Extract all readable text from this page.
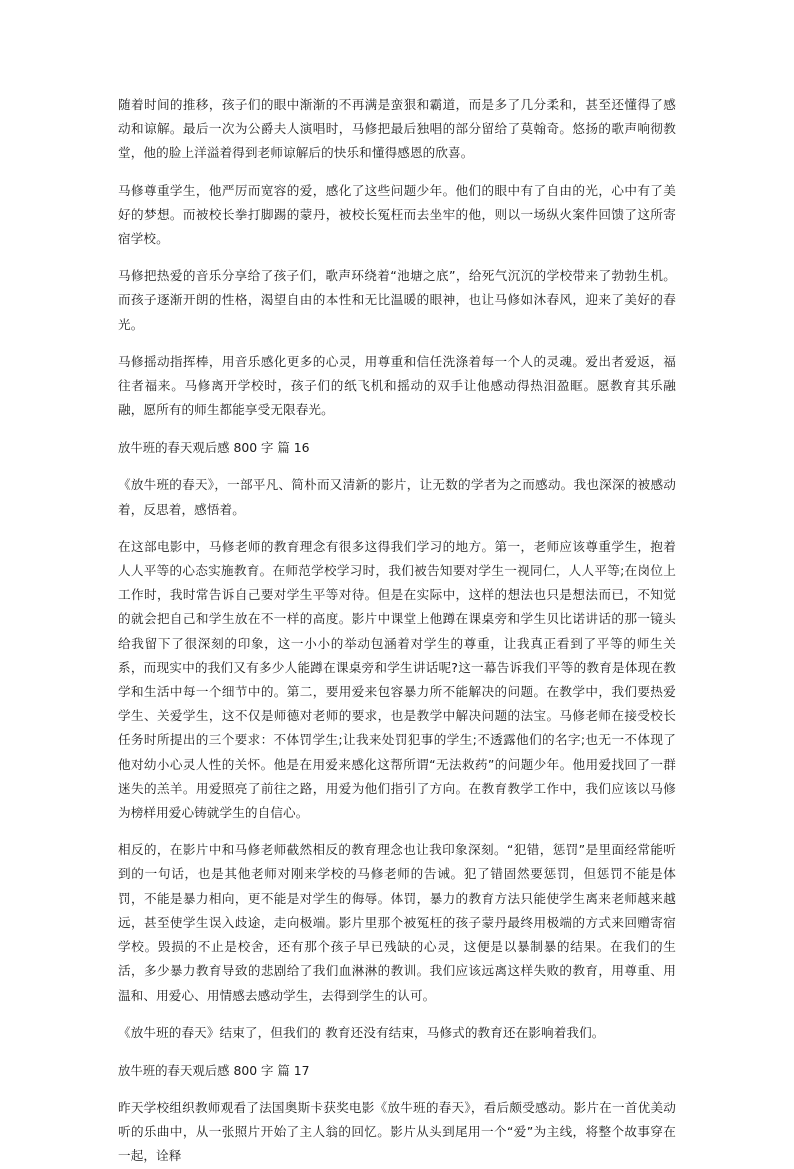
随着时间的推移，孩子们的眼中渐渐的不再满是蛮狠和霸道，而是多了几分柔和，甚至还懂得了感动和谅解。最后一次为公爵夫人演唱时，马修把最后独唱的部分留给了莫翰奇。悠扬的歌声响彻教堂，他的脸上洋溢着得到老师谅解后的快乐和懂得感恩的欣喜。

马修尊重学生，他严厉而宽容的爱，感化了这些问题少年。他们的眼中有了自由的光，心中有了美好的梦想。而被校长拳打脚踢的蒙丹，被校长冤枉而去坐牢的他，则以一场纵火案件回馈了这所寄宿学校。

马修把热爱的音乐分享给了孩子们，歌声环绕着“池塘之底”，给死气沉沉的学校带来了勃勃生机。而孩子逐渐开朗的性格，渴望自由的本性和无比温暖的眼神，也让马修如沐春风，迎来了美好的春光。

马修摇动指挥棒，用音乐感化更多的心灵，用尊重和信任洗涤着每一个人的灵魂。爱出者爱返，福往者福来。马修离开学校时，孩子们的纸飞机和摇动的双手让他感动得热泪盈眶。愿教育其乐融融，愿所有的师生都能享受无限春光。

放牛班的春天观后感 800 字 篇 16

《放牛班的春天》，一部平凡、简朴而又清新的影片，让无数的学者为之而感动。我也深深的被感动着，反思着，感悟着。

在这部电影中，马修老师的教育理念有很多这得我们学习的地方。第一，老师应该尊重学生，抱着人人平等的心态实施教育。在师范学校学习时，我们被告知要对学生一视同仁，人人平等;在岗位上工作时，我时常告诉自己要对学生平等对待。但是在实际中，这样的想法也只是想法而已，不知觉的就会把自己和学生放在不一样的高度。影片中课堂上他蹲在课桌旁和学生贝比诺讲话的那一镜头给我留下了很深刻的印象，这一小小的举动包涵着对学生的尊重，让我真正看到了平等的师生关系，而现实中的我们又有多少人能蹲在课桌旁和学生讲话呢?这一幕告诉我们平等的教育是体现在教学和生活中每一个细节中的。第二，要用爱来包容暴力所不能解决的问题。在教学中，我们要热爱学生、关爱学生，这不仅是师德对老师的要求，也是教学中解决问题的法宝。马修老师在接受校长任务时所提出的三个要求：不体罚学生;让我来处罚犯事的学生;不透露他们的名字;也无一不体现了他对幼小心灵人性的关怀。他是在用爱来感化这帮所谓“无法救药”的问题少年。他用爱找回了一群迷失的羔羊。用爱照亮了前往之路，用爱为他们指引了方向。在教育教学工作中，我们应该以马修为榜样用爱心铸就学生的自信心。

相反的，在影片中和马修老师截然相反的教育理念也让我印象深刻。“犯错，惩罚”是里面经常能听到的一句话，也是其他老师对刚来学校的马修老师的告诫。犯了错固然要惩罚，但惩罚不能是体罚，不能是暴力相向，更不能是对学生的侮辱。体罚，暴力的教育方法只能使学生离来老师越来越远，甚至使学生误入歧途，走向极端。影片里那个被冤枉的孩子蒙丹最终用极端的方式来回赠寄宿学校。毁损的不止是校舍，还有那个孩子早已残缺的心灵，这便是以暴制暴的结果。在我们的生活，多少暴力教育导致的悲剧给了我们血淋淋的教训。我们应该远离这样失败的教育，用尊重、用温和、用爱心、用情感去感动学生，去得到学生的认可。

《放牛班的春天》结束了，但我们的 教育还没有结束，马修式的教育还在影响着我们。

放牛班的春天观后感 800 字 篇 17

昨天学校组织教师观看了法国奥斯卡获奖电影《放牛班的春天》，看后颇受感动。影片在一首优美动听的乐曲中，从一张照片开始了主人翁的回忆。影片从头到尾用一个“爱”为主线，将整个故事穿在一起，诠释
